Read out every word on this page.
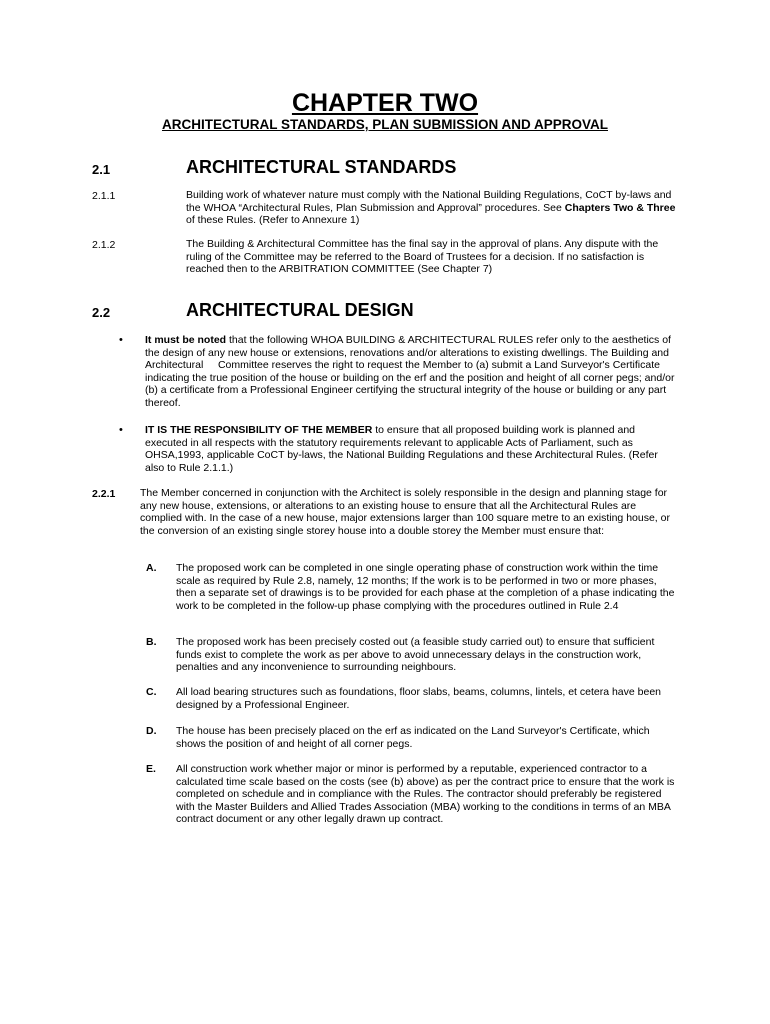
CHAPTER TWO
ARCHITECTURAL STANDARDS, PLAN SUBMISSION AND APPROVAL
2.1	ARCHITECTURAL STANDARDS
2.1.1	Building work of whatever nature must comply with the National Building Regulations, CoCT by-laws and the WHOA “Architectural Rules, Plan Submission and Approval” procedures. See Chapters Two & Three of these Rules. (Refer to Annexure 1)

2.1.2	The Building & Architectural Committee has the final say in the approval of plans. Any dispute with the ruling of the Committee may be referred to the Board of Trustees for a decision. If no satisfaction is reached then to the ARBITRATION COMMITTEE (See Chapter 7)

2.2	ARCHITECTURAL DESIGN
• It must be noted that the following WHOA BUILDING & ARCHITECTURAL RULES refer only to the aesthetics of the design of any new house or extensions, renovations and/or alterations to existing dwellings. The Building and Architectural     Committee reserves the right to request the Member to (a) submit a Land Surveyor's Certificate indicating the true position of the house or building on the erf and the position and height of all corner pegs; and/or (b) a certificate from a Professional Engineer certifying the structural integrity of the house or building or any part thereof.

• IT IS THE RESPONSIBILITY OF THE MEMBER to ensure that all proposed building work is planned and executed in all respects with the statutory requirements relevant to applicable Acts of Parliament, such as OHSA,1993, applicable CoCT by-laws, the National Building Regulations and these Architectural Rules. (Refer also to Rule 2.1.1.)

2.2.1 The Member concerned in conjunction with the Architect is solely responsible in the design and planning stage for any new house, extensions, or alterations to an existing house to ensure that all the Architectural Rules are complied with. In the case of a new house, major extensions larger than 100 square metre to an existing house, or the conversion of an existing single storey house into a double storey the Member must ensure that:

A. The proposed work can be completed in one single operating phase of construction work within the time scale as required by Rule 2.8, namely, 12 months; If the work is to be performed in two or more phases, then a separate set of drawings is to be provided for each phase at the completion of a phase indicating the work to be completed in the follow-up phase complying with the procedures outlined in Rule 2.4

B. The proposed work has been precisely costed out (a feasible study carried out) to ensure that sufficient funds exist to complete the work as per above to avoid unnecessary delays in the construction work, penalties and any inconvenience to surrounding neighbours.

C. All load bearing structures such as foundations, floor slabs, beams, columns, lintels, et cetera have been designed by a Professional Engineer.

D. The house has been precisely placed on the erf as indicated on the Land Surveyor's Certificate, which shows the position of and height of all corner pegs.

E. All construction work whether major or minor is performed by a reputable, experienced contractor to a calculated time scale based on the costs (see (b) above) as per the contract price to ensure that the work is completed on schedule and in compliance with the Rules. The contractor should preferably be registered with the Master Builders and Allied Trades Association (MBA) working to the conditions in terms of an MBA contract document or any other legally drawn up contract.
